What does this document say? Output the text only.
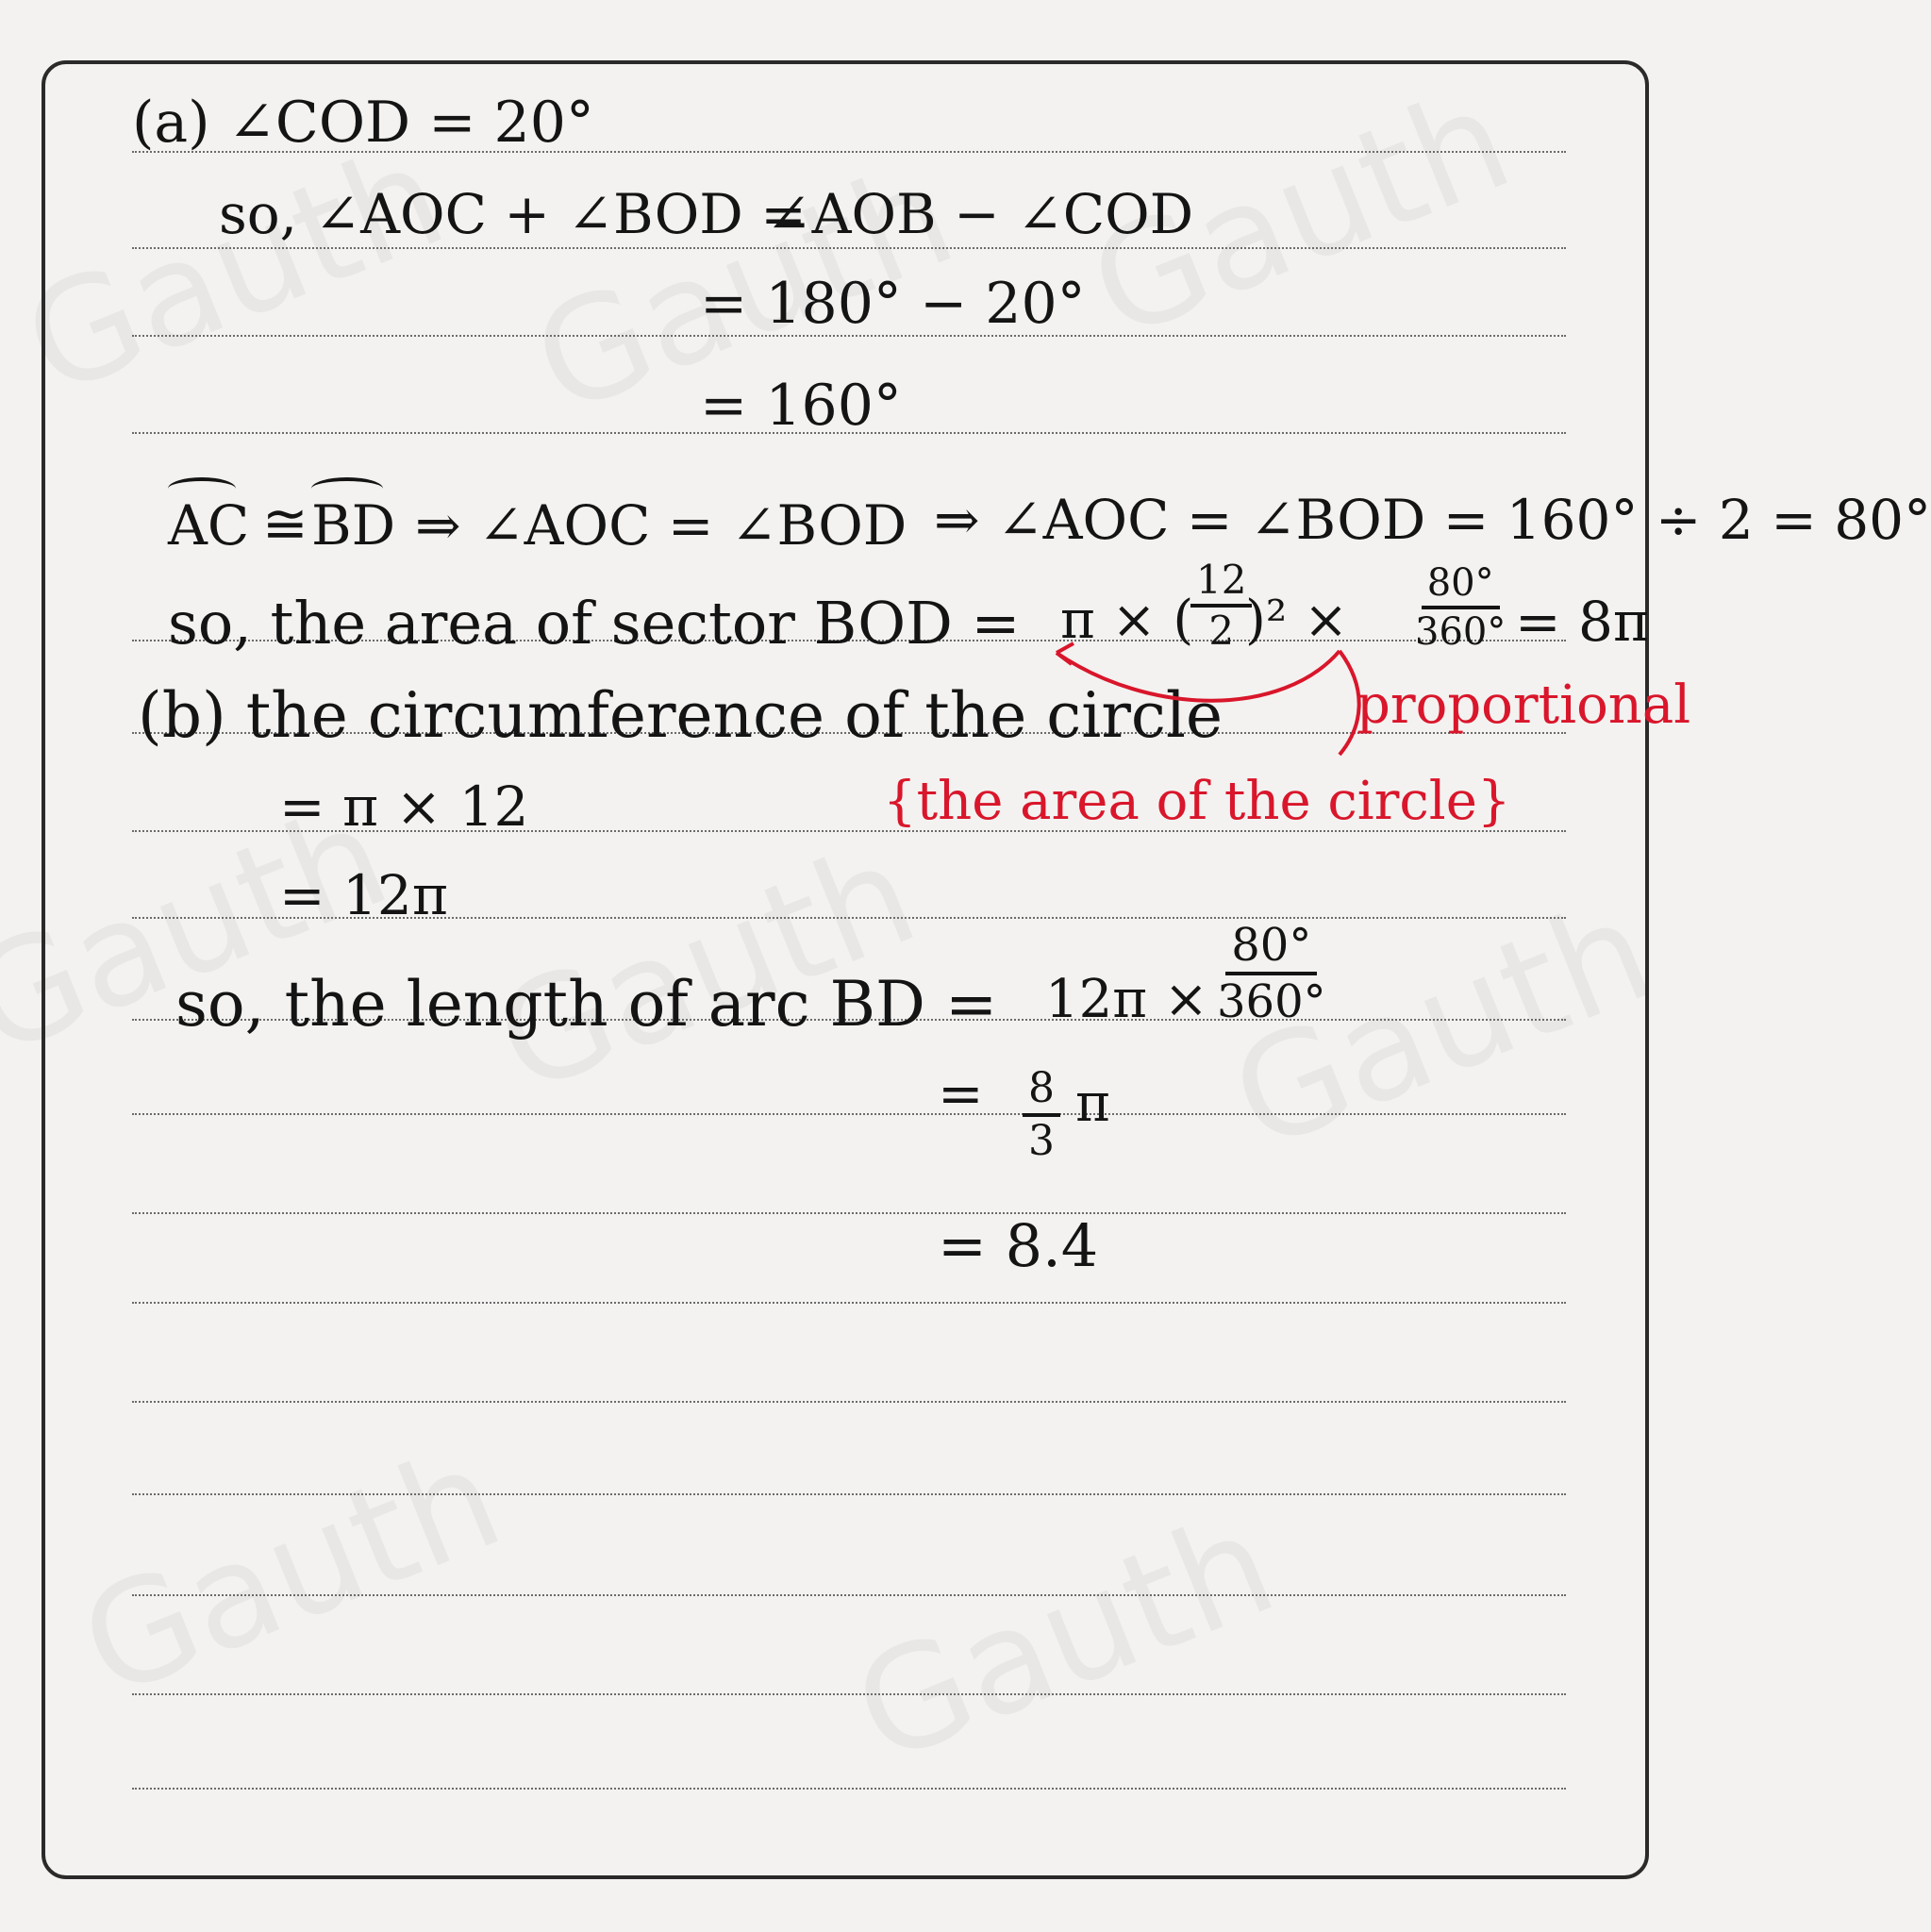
(a) ∠COD = 20°
so, ∠AOC + ∠BOD =
∠AOB − ∠COD
= 180° − 20°
= 160°
AC ≅ BD ⇒ ∠AOC = ∠BOD ⇒ ∠AOC = ∠BOD = 160° ÷ 2 = 80°
so, the area of sector BOD = π × (
$\frac{12}{2}$
)$^2 \times \frac{80^\circ}{360^\circ} = 8\pi$
(b) the circumference of the circle	proportional
= π × 12	{the area of the circle}
= 12π
so, the length of arc BD = $12\pi \times \frac{80^\circ}{360^\circ}$
= $\frac{8}{3}$ π
= 8.4
